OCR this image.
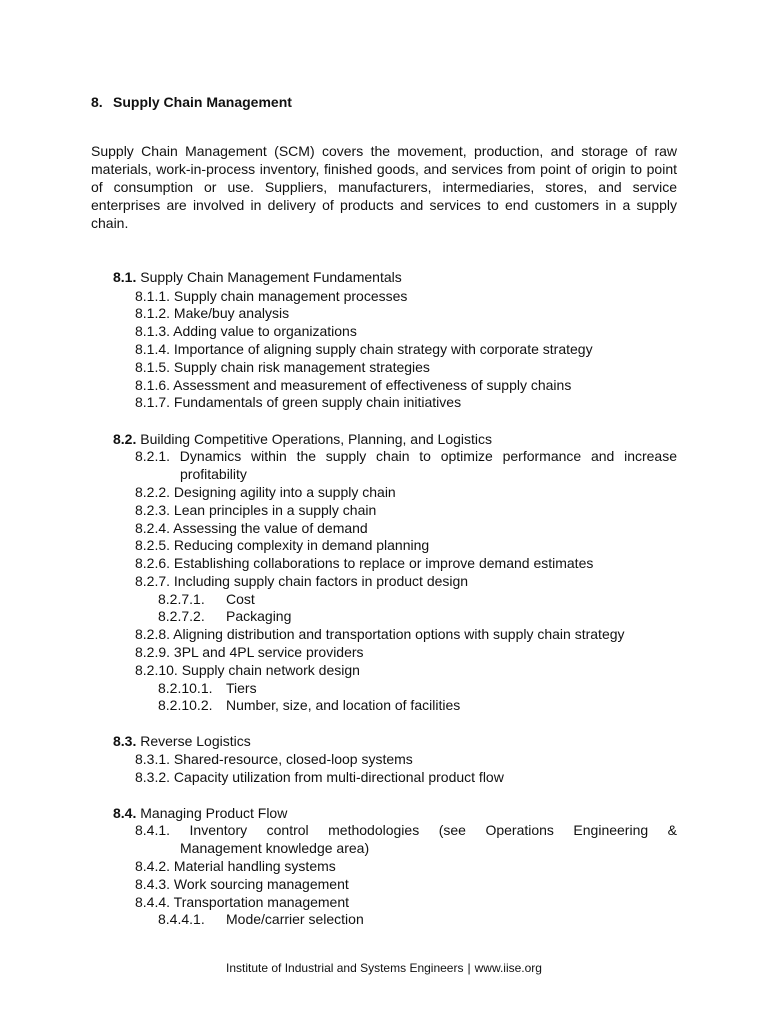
8. Supply Chain Management
Supply Chain Management (SCM) covers the movement, production, and storage of raw materials, work-in-process inventory, finished goods, and services from point of origin to point of consumption or use. Suppliers, manufacturers, intermediaries, stores, and service enterprises are involved in delivery of products and services to end customers in a supply chain.
8.1. Supply Chain Management Fundamentals
8.1.1. Supply chain management processes
8.1.2. Make/buy analysis
8.1.3. Adding value to organizations
8.1.4. Importance of aligning supply chain strategy with corporate strategy
8.1.5. Supply chain risk management strategies
8.1.6. Assessment and measurement of effectiveness of supply chains
8.1.7. Fundamentals of green supply chain initiatives
8.2. Building Competitive Operations, Planning, and Logistics
8.2.1. Dynamics within the supply chain to optimize performance and increase
profitability
8.2.2. Designing agility into a supply chain
8.2.3. Lean principles in a supply chain
8.2.4. Assessing the value of demand
8.2.5. Reducing complexity in demand planning
8.2.6. Establishing collaborations to replace or improve demand estimates
8.2.7. Including supply chain factors in product design
8.2.7.1. Cost
8.2.7.2. Packaging
8.2.8. Aligning distribution and transportation options with supply chain strategy
8.2.9. 3PL and 4PL service providers
8.2.10. Supply chain network design
8.2.10.1. Tiers
8.2.10.2. Number, size, and location of facilities
8.3. Reverse Logistics
8.3.1. Shared-resource, closed-loop systems
8.3.2. Capacity utilization from multi-directional product flow
8.4. Managing Product Flow
8.4.1. Inventory control methodologies (see Operations Engineering &
Management knowledge area)
8.4.2. Material handling systems
8.4.3. Work sourcing management
8.4.4. Transportation management
8.4.4.1. Mode/carrier selection
Institute of Industrial and Systems Engineers | www.iise.org
